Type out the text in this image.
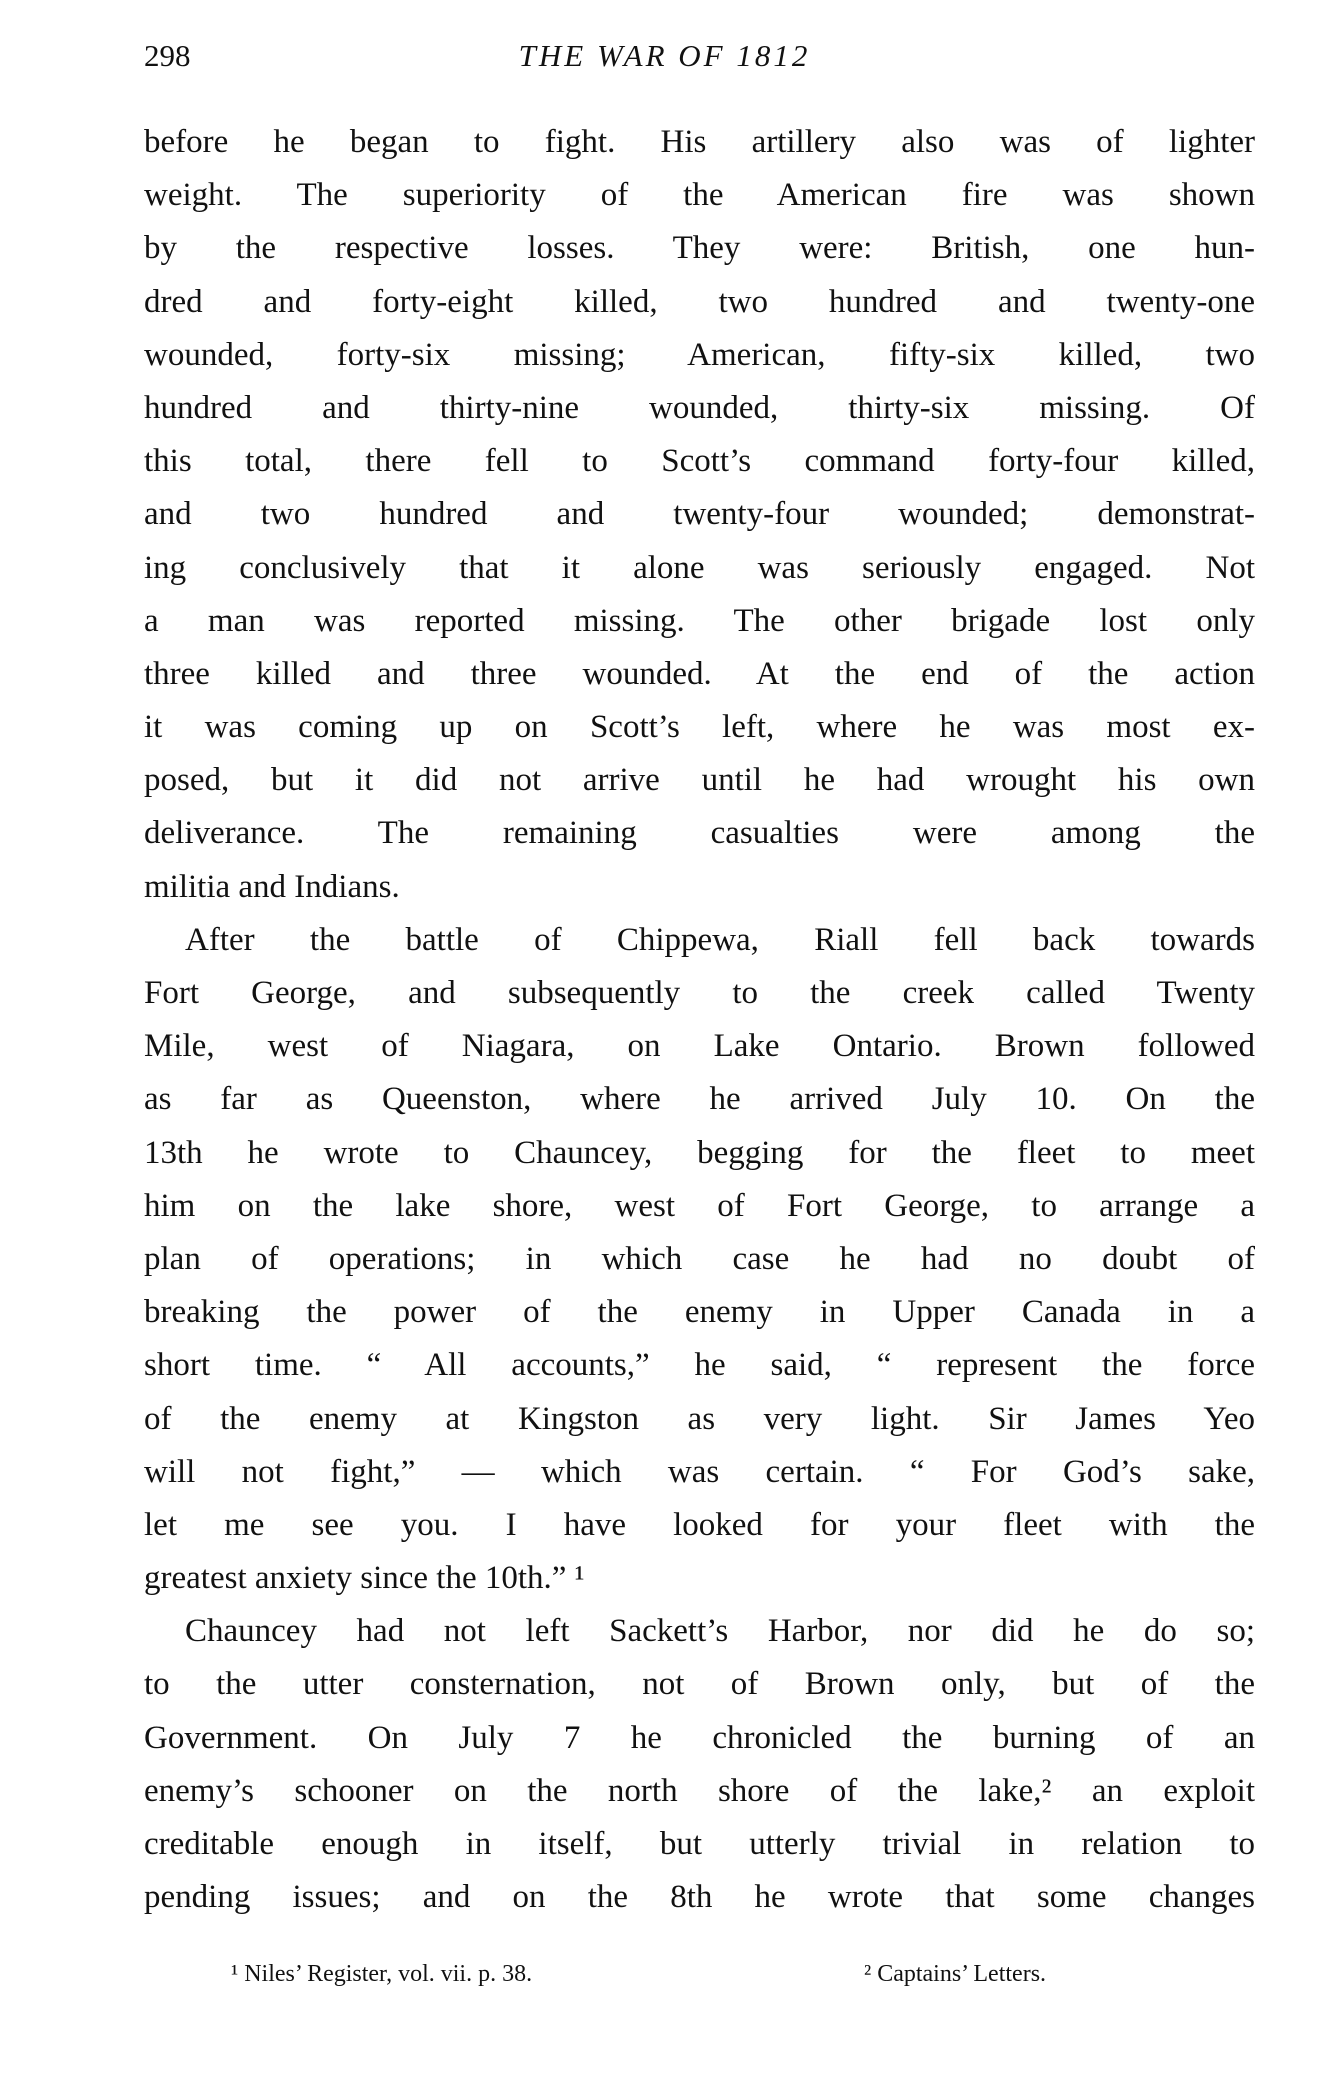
298	THE WAR OF 1812
before he began to fight. His artillery also was of lighter
weight. The superiority of the American fire was shown
by the respective losses. They were: British, one hun-
dred and forty-eight killed, two hundred and twenty-one
wounded, forty-six missing; American, fifty-six killed, two
hundred and thirty-nine wounded, thirty-six missing. Of
this total, there fell to Scott’s command forty-four killed,
and two hundred and twenty-four wounded; demonstrat-
ing conclusively that it alone was seriously engaged. Not
a man was reported missing. The other brigade lost only
three killed and three wounded. At the end of the action
it was coming up on Scott’s left, where he was most ex-
posed, but it did not arrive until he had wrought his own
deliverance. The remaining casualties were among the
militia and Indians.
After the battle of Chippewa, Riall fell back towards
Fort George, and subsequently to the creek called Twenty
Mile, west of Niagara, on Lake Ontario. Brown followed
as far as Queenston, where he arrived July 10. On the
13th he wrote to Chauncey, begging for the fleet to meet
him on the lake shore, west of Fort George, to arrange a
plan of operations; in which case he had no doubt of
breaking the power of the enemy in Upper Canada in a
short time. “ All accounts,” he said, “ represent the force
of the enemy at Kingston as very light. Sir James Yeo
will not fight,” — which was certain. “ For God’s sake,
let me see you. I have looked for your fleet with the
greatest anxiety since the 10th.” ¹
Chauncey had not left Sackett’s Harbor, nor did he do so;
to the utter consternation, not of Brown only, but of the
Government. On July 7 he chronicled the burning of an
enemy’s schooner on the north shore of the lake,² an exploit
creditable enough in itself, but utterly trivial in relation to
pending issues; and on the 8th he wrote that some changes
¹ Niles’ Register, vol. vii. p. 38.	² Captains’ Letters.
